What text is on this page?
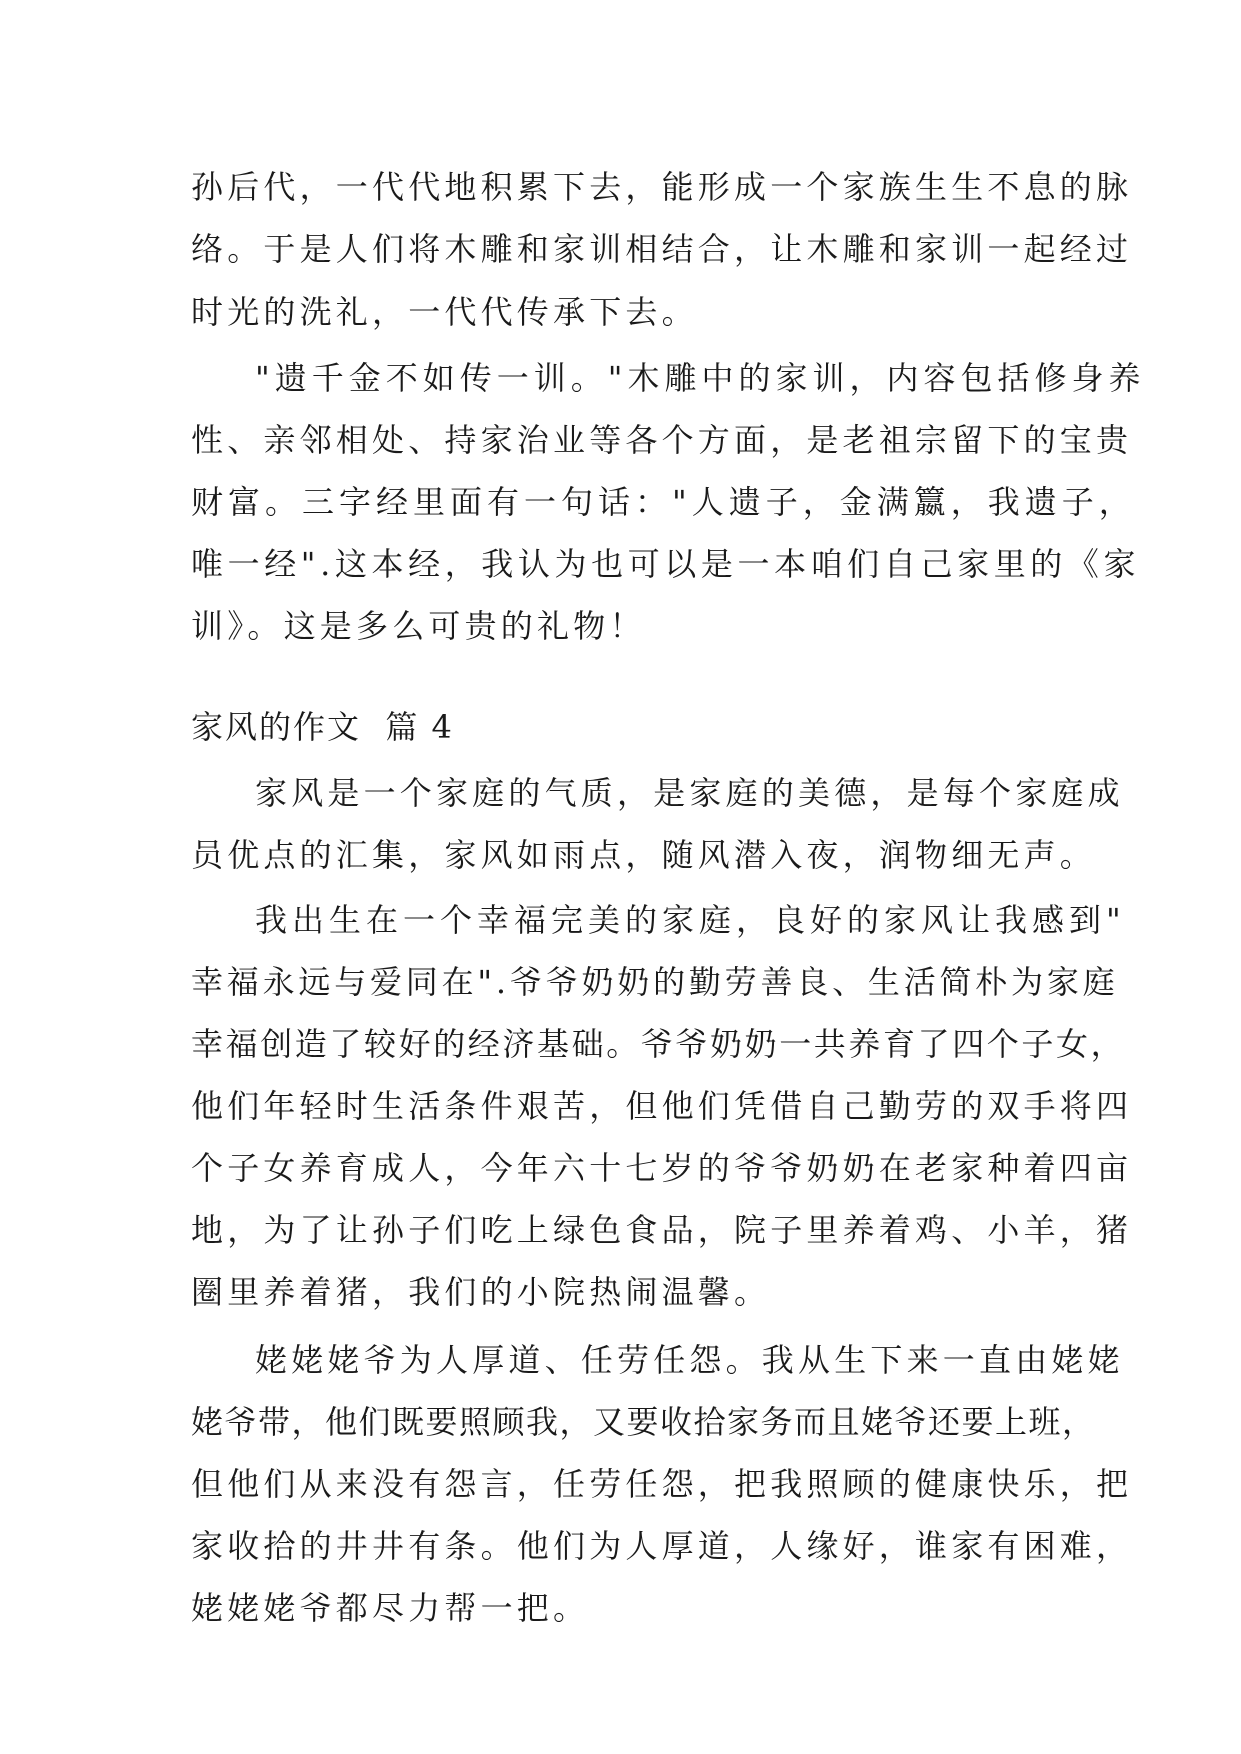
孙后代，一代代地积累下去，能形成一个家族生生不息的脉

络。于是人们将木雕和家训相结合，让木雕和家训一起经过

时光的洗礼，一代代传承下去。

"遗千金不如传一训。"木雕中的家训，内容包括修身养

性、亲邻相处、持家治业等各个方面，是老祖宗留下的宝贵

财富。三字经里面有一句话："人遗子，金满籝，我遗子，

唯一经".这本经，我认为也可以是一本咱们自己家里的《家

训》。这是多么可贵的礼物！

家风的作文  篇 4

家风是一个家庭的气质，是家庭的美德，是每个家庭成

员优点的汇集，家风如雨点，随风潜入夜，润物细无声。

我出生在一个幸福完美的家庭，良好的家风让我感到"

幸福永远与爱同在".爷爷奶奶的勤劳善良、生活简朴为家庭

幸福创造了较好的经济基础。爷爷奶奶一共养育了四个子女，

他们年轻时生活条件艰苦，但他们凭借自己勤劳的双手将四

个子女养育成人，今年六十七岁的爷爷奶奶在老家种着四亩

地，为了让孙子们吃上绿色食品，院子里养着鸡、小羊，猪

圈里养着猪，我们的小院热闹温馨。

姥姥姥爷为人厚道、任劳任怨。我从生下来一直由姥姥

姥爷带，他们既要照顾我，又要收拾家务而且姥爷还要上班，

但他们从来没有怨言，任劳任怨，把我照顾的健康快乐，把

家收拾的井井有条。他们为人厚道，人缘好，谁家有困难，

姥姥姥爷都尽力帮一把。
